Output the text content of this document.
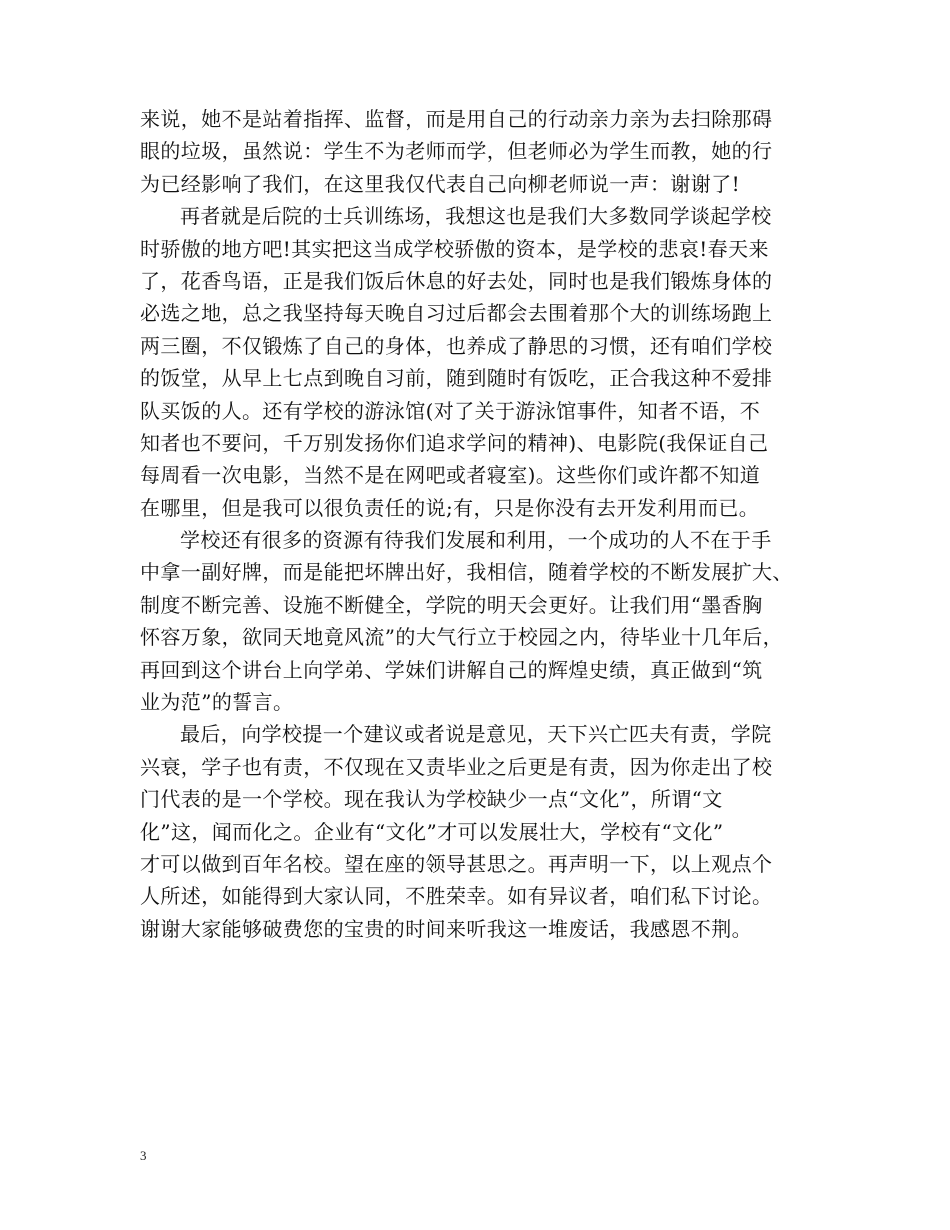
来说，她不是站着指挥、监督，而是用自己的行动亲力亲为去扫除那碍
眼的垃圾，虽然说：学生不为老师而学，但老师必为学生而教，她的行
为已经影响了我们，在这里我仅代表自己向柳老师说一声：谢谢了!
再者就是后院的士兵训练场，我想这也是我们大多数同学谈起学校
时骄傲的地方吧!其实把这当成学校骄傲的资本，是学校的悲哀!春天来
了，花香鸟语，正是我们饭后休息的好去处，同时也是我们锻炼身体的
必选之地，总之我坚持每天晚自习过后都会去围着那个大的训练场跑上
两三圈，不仅锻炼了自己的身体，也养成了静思的习惯，还有咱们学校
的饭堂，从早上七点到晚自习前，随到随时有饭吃，正合我这种不爱排
队买饭的人。还有学校的游泳馆(对了关于游泳馆事件，知者不语，不
知者也不要问，千万别发扬你们追求学问的精神)、电影院(我保证自己
每周看一次电影，当然不是在网吧或者寝室)。这些你们或许都不知道
在哪里，但是我可以很负责任的说;有，只是你没有去开发利用而已。
学校还有很多的资源有待我们发展和利用，一个成功的人不在于手
中拿一副好牌，而是能把坏牌出好，我相信，随着学校的不断发展扩大、
制度不断完善、设施不断健全，学院的明天会更好。让我们用“墨香胸
怀容万象，欲同天地竟风流”的大气行立于校园之内，待毕业十几年后，
再回到这个讲台上向学弟、学妹们讲解自己的辉煌史绩，真正做到“筑
业为范”的誓言。
最后，向学校提一个建议或者说是意见，天下兴亡匹夫有责，学院
兴衰，学子也有责，不仅现在又责毕业之后更是有责，因为你走出了校
门代表的是一个学校。现在我认为学校缺少一点“文化”，所谓“文
化”这，闻而化之。企业有“文化”才可以发展壮大，学校有“文化”
才可以做到百年名校。望在座的领导甚思之。再声明一下，以上观点个
人所述，如能得到大家认同，不胜荣幸。如有异议者，咱们私下讨论。
谢谢大家能够破费您的宝贵的时间来听我这一堆废话，我感恩不荆。
3
